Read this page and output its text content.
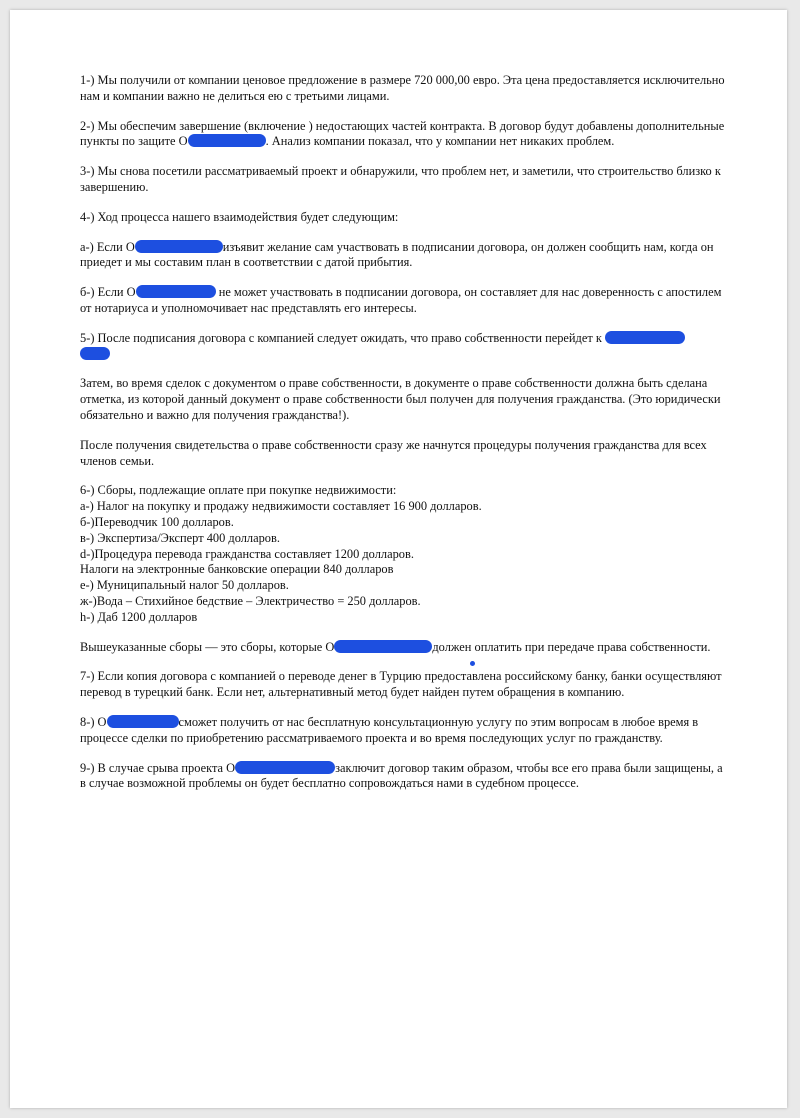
1-) Мы получили от компании ценовое предложение в размере 720 000,00 евро. Эта цена предоставляется исключительно нам и компании важно не делиться ею с третьими лицами.

2-) Мы обеспечим завершение (включение ) недостающих частей контракта. В договор будут добавлены дополнительные пункты по защите О	. Анализ компании показал, что у компании нет никаких проблем.

3-) Мы снова посетили рассматриваемый проект и обнаружили, что проблем нет, и заметили, что строительство близко к завершению.

4-) Ход процесса нашего взаимодействия будет следующим:

а-) Если О	изъявит желание сам участвовать в подписании договора, он должен сообщить нам, когда он приедет и мы составим план в соответствии с датой прибытия.

б-) Если О	не может участвовать в подписании договора, он составляет для нас доверенность с апостилем от нотариуса и уполномочивает нас представлять его интересы.

5-) После подписания договора с компанией следует ожидать, что право собственности перейдет к

Затем, во время сделок с документом о праве собственности, в документе о праве собственности должна быть сделана отметка, из которой данный документ о праве собственности был получен для получения гражданства. (Это юридически обязательно и важно для получения гражданства!).

После получения свидетельства о праве собственности сразу же начнутся процедуры получения гражданства для всех членов семьи.

6-) Сборы, подлежащие оплате при покупке недвижимости:
а-) Налог на покупку и продажу недвижимости составляет 16 900 долларов.
б-)Переводчик 100 долларов.
в-) Экспертиза/Эксперт 400 долларов.
d-)Процедура перевода гражданства составляет 1200 долларов.
Налоги на электронные банковские операции 840 долларов
е-) Муниципальный налог 50 долларов.
ж-)Вода – Стихийное бедствие – Электричество = 250 долларов.
h-) Даб 1200 долларов

Вышеуказанные сборы — это сборы, которые О	должен оплатить при передаче права собственности.

7-) Если копия договора с компанией о переводе денег в Турцию предоставлена российскому банку, банки осуществляют перевод в турецкий банк. Если нет, альтернативный метод будет найден путем обращения в компанию.

8-) О	сможет получить от нас бесплатную консультационную услугу по этим вопросам в любое время в процессе сделки по приобретению рассматриваемого проекта и во время последующих услуг по гражданству.

9-) В случае срыва проекта О	заключит договор таким образом, чтобы все его права были защищены, а в случае возможной проблемы он будет бесплатно сопровождаться нами в судебном процессе.
